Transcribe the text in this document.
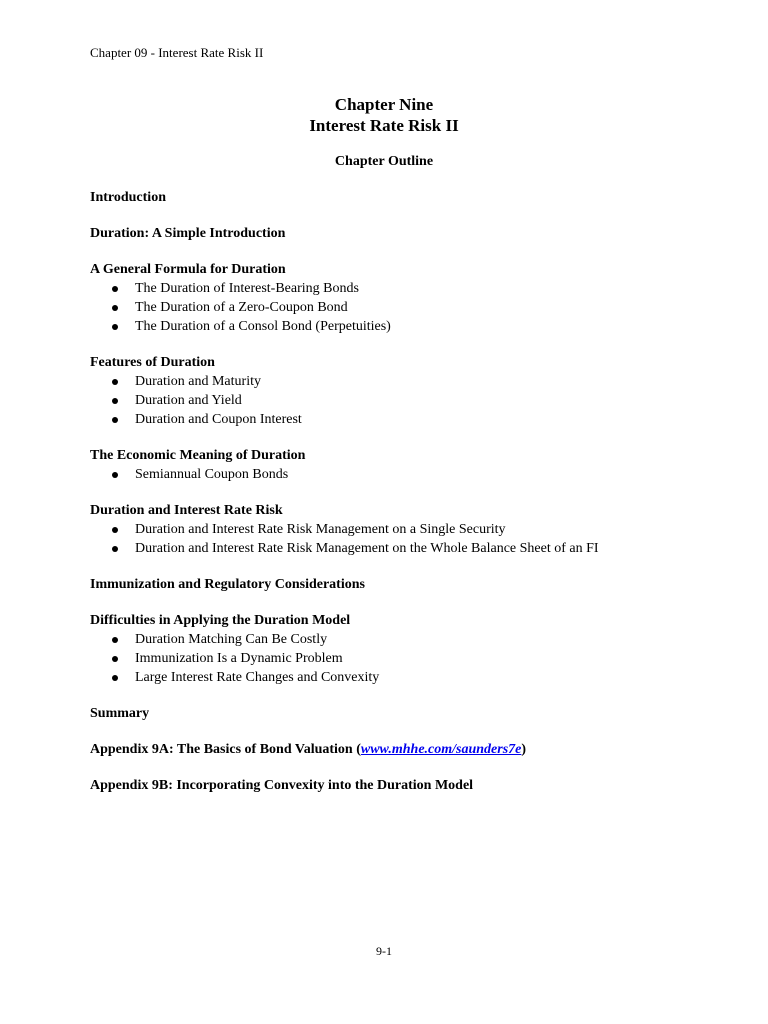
Chapter 09 - Interest Rate Risk II

Chapter Nine

Interest Rate Risk II

Chapter Outline

Introduction

Duration: A Simple Introduction

A General Formula for Duration

The Duration of Interest-Bearing Bonds
The Duration of a Zero-Coupon Bond
The Duration of a Consol Bond (Perpetuities)

Features of Duration

Duration and Maturity
Duration and Yield
Duration and Coupon Interest

The Economic Meaning of Duration

Semiannual Coupon Bonds

Duration and Interest Rate Risk

Duration and Interest Rate Risk Management on a Single Security
Duration and Interest Rate Risk Management on the Whole Balance Sheet of an FI

Immunization and Regulatory Considerations

Difficulties in Applying the Duration Model

Duration Matching Can Be Costly
Immunization Is a Dynamic Problem
Large Interest Rate Changes and Convexity

Summary

Appendix 9A: The Basics of Bond Valuation (www.mhhe.com/saunders7e)

Appendix 9B: Incorporating Convexity into the Duration Model

9-1
